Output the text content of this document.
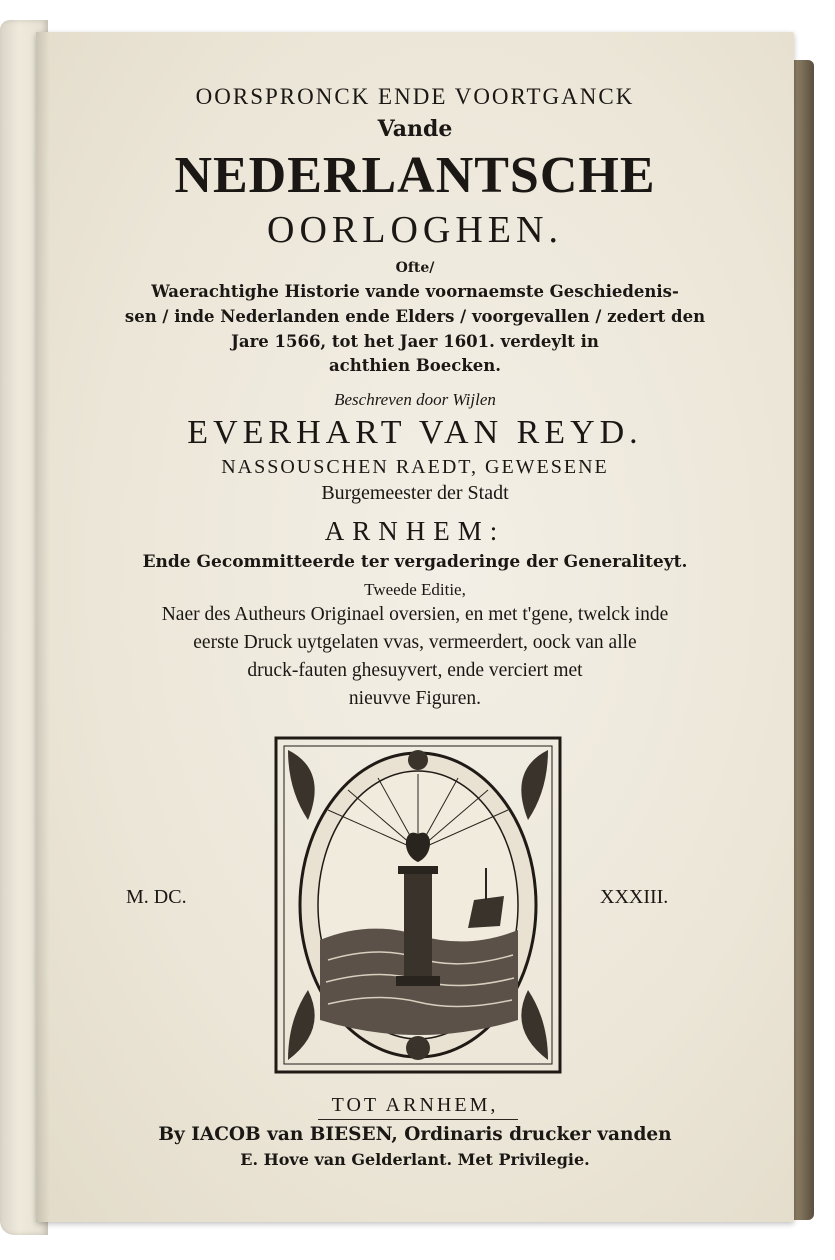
OORSPRONCK ENDE VOORTGANCK
Vande
NEDERLANTSCHE
OORLOGHEN.
Ofte/
Waerachtighe Historie vande voornaemste Geschiedenis-
sen / inde Nederlanden ende Elders / voorgevallen / zedert den
Jare 1566, tot het Jaer 1601. verdeylt in
achthien Boecken.
Beschreven door Wijlen
EVERHART VAN REYD.
NASSOUSCHEN RAEDT, GEWESENE
Burgemeester der Stadt
ARNHEM:
Ende Gecommitteerde ter vergaderinge der Generaliteyt.
Tweede Editie,
Naer des Autheurs Originael oversien, en met t'gene, twelck inde
eerste Druck uytgelaten vvas, vermeerdert, oock van alle
druck-fauten ghesuyvert, ende verciert met
nieuvve Figuren.
M. DC.	XXXIII.
TOT ARNHEM,
By IACOB van BIESEN, Ordinaris drucker vanden
E. Hove van Gelderlant. Met Privilegie.
